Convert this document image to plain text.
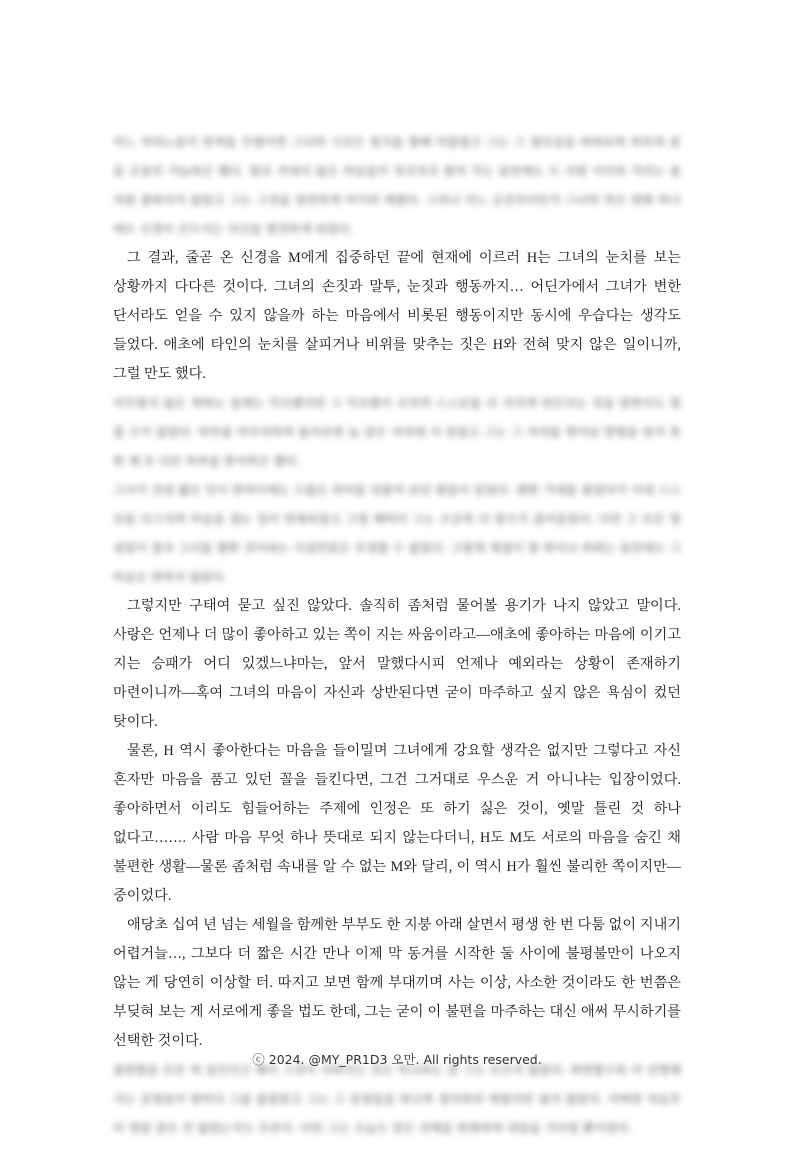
어느 저녁노을이 번져올 무렵이면 그녀의 시선은 창가를 향해 머물렀고 그는 그 뒷모습을 바라보며 하루의 끝을 조용히 가늠하곤 했다. 말로 꺼내지 않은 마음들이 차곡차곡 쌓여 가는 동안에도 두 사람 사이의 거리는 좀처럼 좁혀지지 않았고 그는 그것을 당연하게 여기려 애썼다. 그러나 어느 순간부터인가 그녀의 작은 변화 하나에도 신경이 곤두서는 자신을 발견하게 되었다.

그 결과, 줄곧 온 신경을 M에게 집중하던 끝에 현재에 이르러 H는 그녀의 눈치를 보는 상황까지 다다른 것이다. 그녀의 손짓과 말투, 눈짓과 행동까지… 어딘가에서 그녀가 변한 단서라도 얻을 수 있지 않을까 하는 마음에서 비롯된 행동이지만 동시에 우습다는 생각도 들었다. 애초에 타인의 눈치를 살피거나 비위를 맞추는 짓은 H와 전혀 맞지 않은 일이니까, 그럴 만도 했다.

아무렇지 않은 척하는 일에는 익숙했지만 그 익숙함이 오히려 스스로를 더 지치게 만든다는 것을 알면서도 멈출 수가 없었다. 하루를 마무리하며 돌아보면 늘 같은 자리에 서 있었고 그는 그 자리를 벗어날 방법을 알지 못한 채 또 다른 하루를 맞이하곤 했다.

그녀가 건넨 짧은 인사 한마디에도 수많은 의미를 덧붙여 보던 밤들이 있었다. 괜한 기대를 품었다가 이내 스스로를 다그치며 마음을 접는 일이 반복되었고 그럴 때마다 그는 조금씩 더 말수가 줄어들었다. 다만 그 모든 망설임이 결국 그녀를 향한 것이라는 사실만큼은 부정할 수 없었다. 그렇게 계절이 몇 번이나 바뀌는 동안에도 그 마음은 변하지 않았다.

그렇지만 구태여 묻고 싶진 않았다. 솔직히 좀처럼 물어볼 용기가 나지 않았고 말이다. 사랑은 언제나 더 많이 좋아하고 있는 쪽이 지는 싸움이라고—애초에 좋아하는 마음에 이기고 지는 승패가 어디 있겠느냐마는, 앞서 말했다시피 언제나 예외라는 상황이 존재하기 마련이니까—혹여 그녀의 마음이 자신과 상반된다면 굳이 마주하고 싶지 않은 욕심이 컸던 탓이다.

물론, H 역시 좋아한다는 마음을 들이밀며 그녀에게 강요할 생각은 없지만 그렇다고 자신 혼자만 마음을 품고 있던 꼴을 들킨다면, 그건 그거대로 우스운 거 아니냐는 입장이었다. 좋아하면서 이리도 힘들어하는 주제에 인정은 또 하기 싫은 것이, 옛말 틀린 것 하나 없다고……. 사람 마음 무엇 하나 뜻대로 되지 않는다더니, H도 M도 서로의 마음을 숨긴 채 불편한 생활—물론 좀처럼 속내를 알 수 없는 M와 달리, 이 역시 H가 훨씬 불리한 쪽이지만—중이었다.

애당초 십여 년 넘는 세월을 함께한 부부도 한 지붕 아래 살면서 평생 한 번 다툼 없이 지내기 어렵거늘…, 그보다 더 짧은 시간 만나 이제 막 동거를 시작한 둘 사이에 불평불만이 나오지 않는 게 당연히 이상할 터. 따지고 보면 함께 부대끼며 사는 이상, 사소한 것이라도 한 번쯤은 부딪혀 보는 게 서로에게 좋을 법도 한데, 그는 굳이 이 불편을 마주하는 대신 애써 무시하기를 선택한 것이다.

불편함을 모른 척 넘긴다고 해서 그것이 사라지는 것은 아니라는 걸 그도 모르지 않았다. 외면할수록 더 선명해지는 감정들이 밤마다 그를 붙잡았고 그는 그 감정들을 하나씩 정리하려 애썼지만 쉽지 않았다. 어쩌면 처음부터 정답 같은 건 없었는지도 모른다. 다만 그는 오늘도 같은 선택을 반복하며 내일을 기다릴 뿐이었다.

ⓒ 2024. @MY_PR1D3 오만. All rights reserved.
